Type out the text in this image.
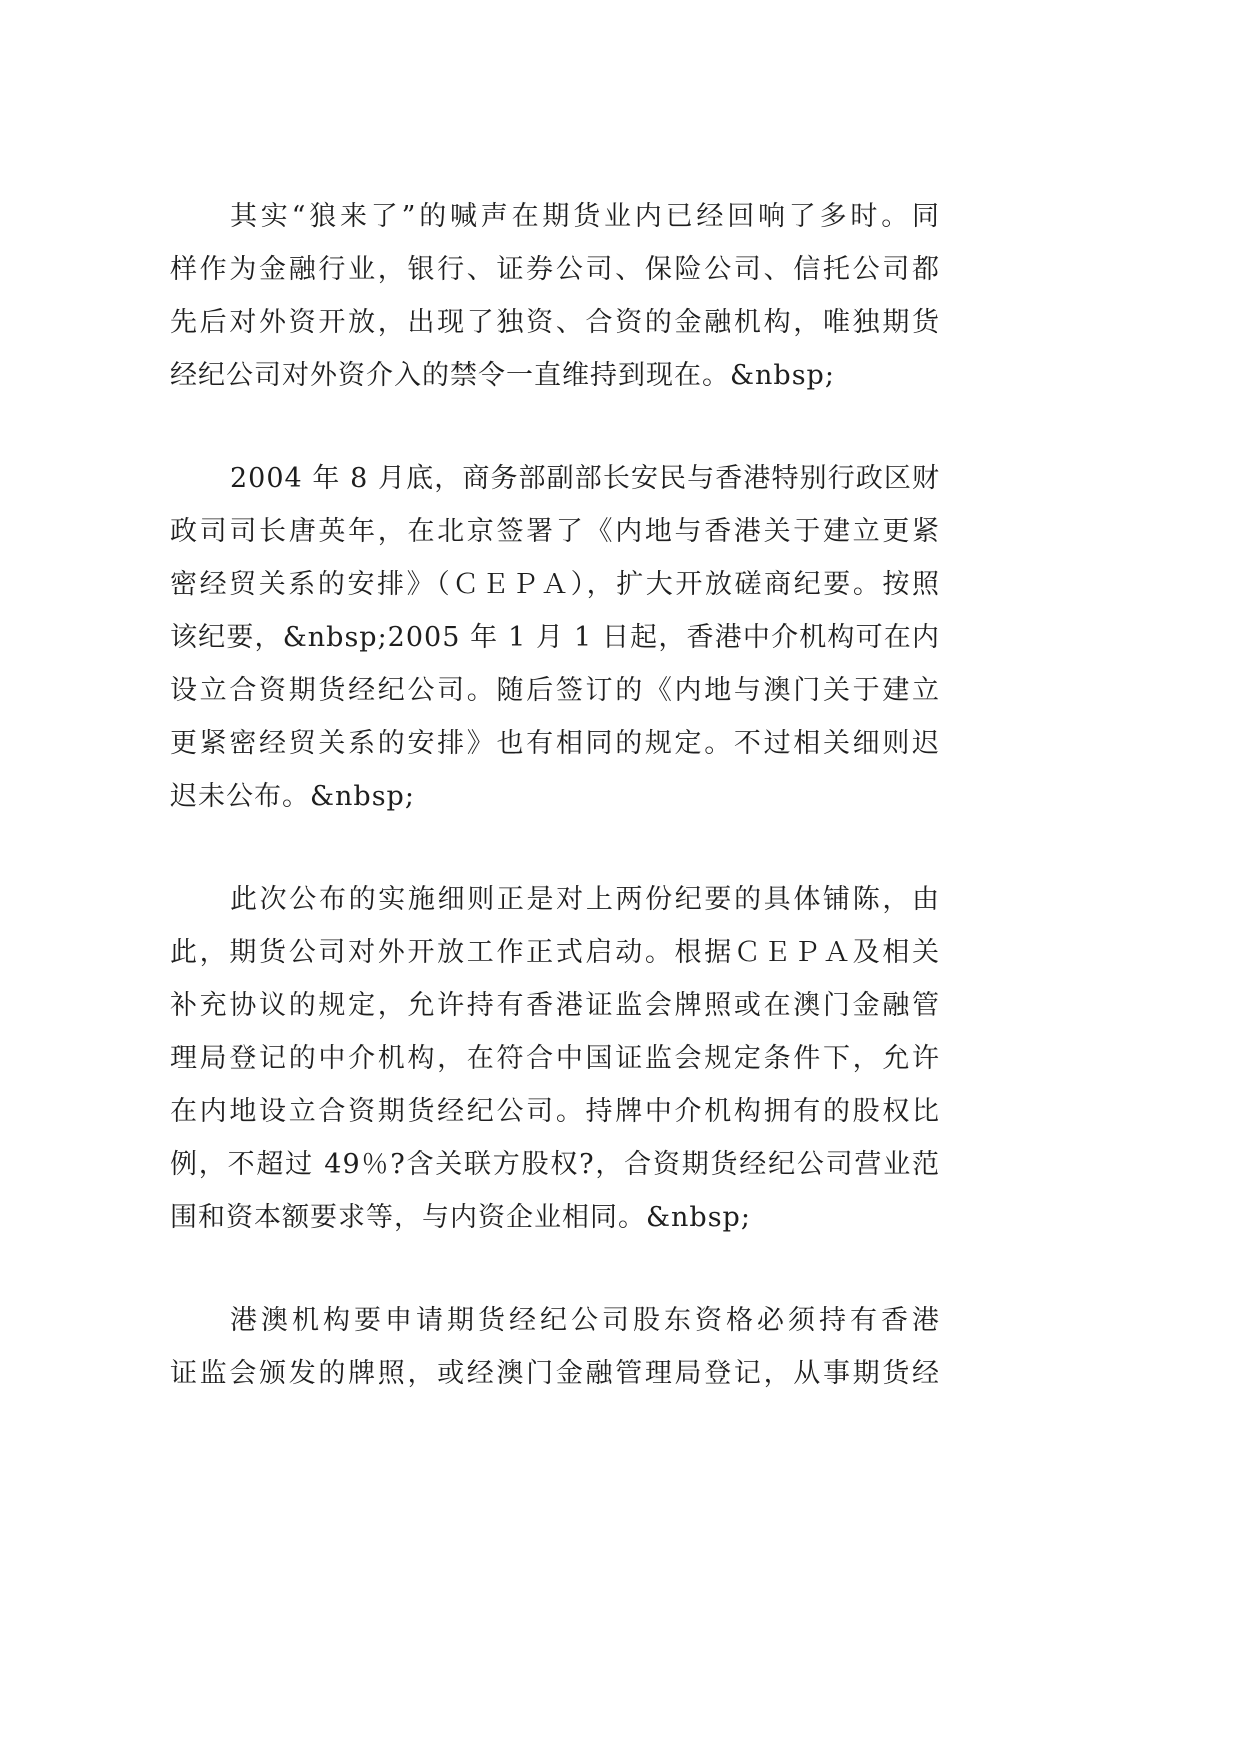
其实“狼来了”的喊声在期货业内已经回响了多时。同
样作为金融行业，银行、证券公司、保险公司、信托公司都
先后对外资开放，出现了独资、合资的金融机构，唯独期货
经纪公司对外资介入的禁令一直维持到现在。&nbsp;
2004 年 8 月底，商务部副部长安民与香港特别行政区财
政司司长唐英年，在北京签署了《内地与香港关于建立更紧
密经贸关系的安排》（ＣＥＰＡ），扩大开放磋商纪要。按照
该纪要，&nbsp;2005 年 1 月 1 日起，香港中介机构可在内
设立合资期货经纪公司。随后签订的《内地与澳门关于建立
更紧密经贸关系的安排》也有相同的规定。不过相关细则迟
迟未公布。&nbsp;
此次公布的实施细则正是对上两份纪要的具体铺陈，由
此，期货公司对外开放工作正式启动。根据ＣＥＰＡ及相关
补充协议的规定，允许持有香港证监会牌照或在澳门金融管
理局登记的中介机构，在符合中国证监会规定条件下，允许
在内地设立合资期货经纪公司。持牌中介机构拥有的股权比
例，不超过 49％?含关联方股权?，合资期货经纪公司营业范
围和资本额要求等，与内资企业相同。&nbsp;
港澳机构要申请期货经纪公司股东资格必须持有香港
证监会颁发的牌照，或经澳门金融管理局登记，从事期货经
